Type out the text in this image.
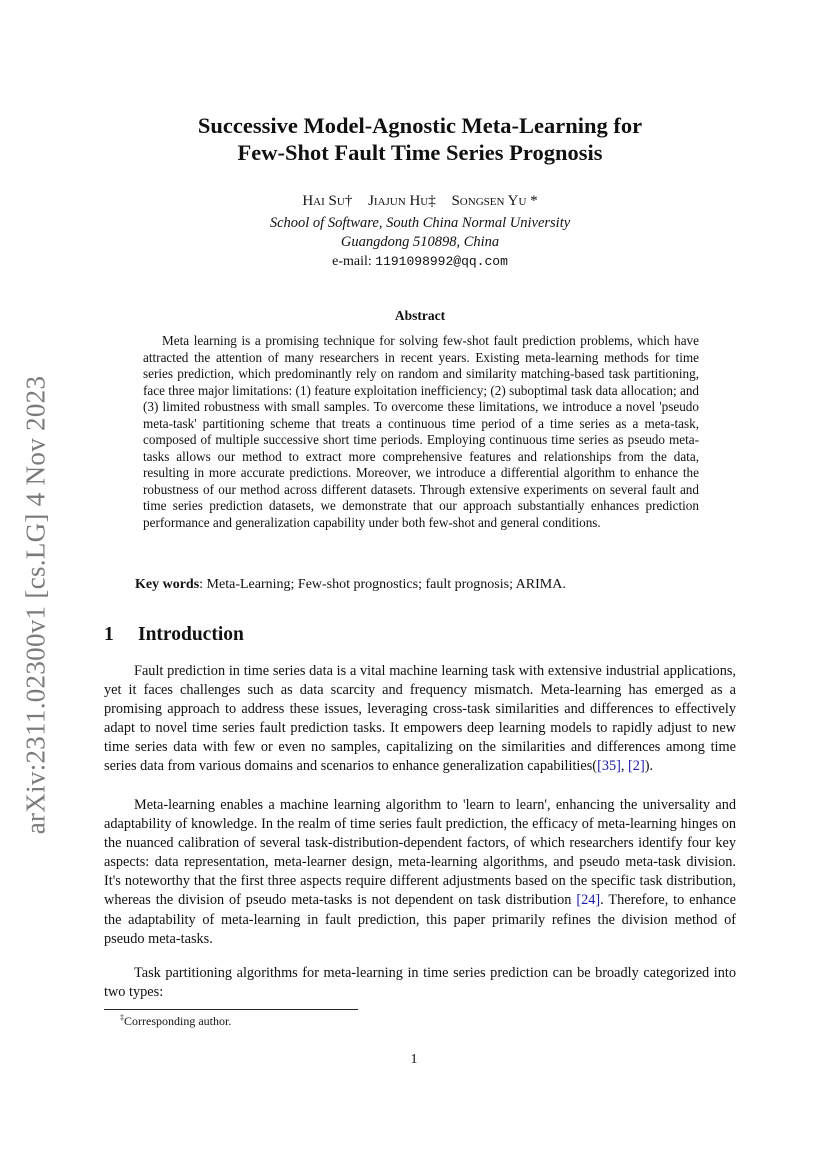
arXiv:2311.02300v1 [cs.LG] 4 Nov 2023
Successive Model-Agnostic Meta-Learning for
Few-Shot Fault Time Series Prognosis
Hai Su† Jiajun Hu‡ Songsen Yu *
School of Software, South China Normal University
Guangdong 510898, China
e-mail: 1191098992@qq.com
Abstract

Meta learning is a promising technique for solving few-shot fault prediction problems, which have attracted the attention of many researchers in recent years. Existing meta-learning methods for time series prediction, which predominantly rely on random and similarity matching-based task partitioning, face three major limitations: (1) feature exploitation inefficiency; (2) suboptimal task data allocation; and (3) limited robustness with small samples. To overcome these limitations, we introduce a novel 'pseudo meta-task' partitioning scheme that treats a continuous time period of a time series as a meta-task, composed of multiple successive short time periods. Employing continuous time series as pseudo meta-tasks allows our method to extract more comprehensive features and relationships from the data, resulting in more accurate predictions. Moreover, we introduce a differential algorithm to enhance the robustness of our method across different datasets. Through extensive experiments on several fault and time series prediction datasets, we demonstrate that our approach substantially enhances prediction performance and generalization capability under both few-shot and general conditions.

Key words: Meta-Learning; Few-shot prognostics; fault prognosis; ARIMA.
1 Introduction

Fault prediction in time series data is a vital machine learning task with extensive industrial applications, yet it faces challenges such as data scarcity and frequency mismatch. Meta-learning has emerged as a promising approach to address these issues, leveraging cross-task similarities and differences to effectively adapt to novel time series fault prediction tasks. It empowers deep learning models to rapidly adjust to new time series data with few or even no samples, capitalizing on the similarities and differences among time series data from various domains and scenarios to enhance generalization capabilities([35], [2]).

Meta-learning enables a machine learning algorithm to 'learn to learn', enhancing the universality and adaptability of knowledge. In the realm of time series fault prediction, the efficacy of meta-learning hinges on the nuanced calibration of several task-distribution-dependent factors, of which researchers identify four key aspects: data representation, meta-learner design, meta-learning algorithms, and pseudo meta-task division. It's noteworthy that the first three aspects require different adjustments based on the specific task distribution, whereas the division of pseudo meta-tasks is not dependent on task distribution [24]. Therefore, to enhance the adaptability of meta-learning in fault prediction, this paper primarily refines the division method of pseudo meta-tasks.

Task partitioning algorithms for meta-learning in time series prediction can be broadly categorized into two types:

‡Corresponding author.
1
